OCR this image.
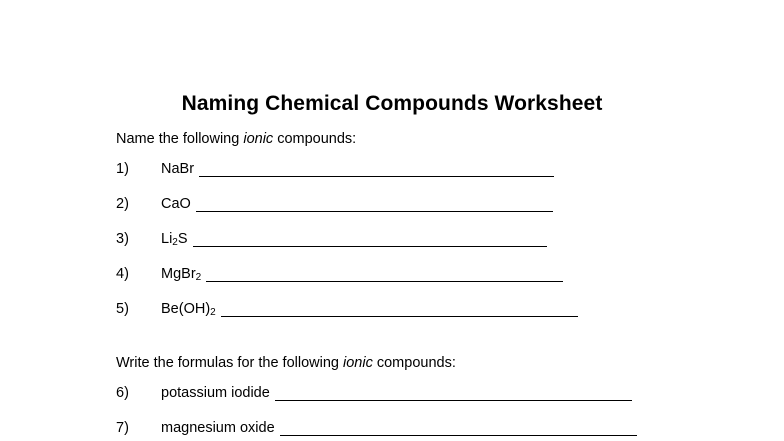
Naming Chemical Compounds Worksheet
Name the following ionic compounds:
1) NaBr
2) CaO
3) $Li_2S$
4) MgBr$_2$
5) $Be(OH)_2$
Write the formulas for the following ionic compounds:
6) potassium iodide
7) magnesium oxide
